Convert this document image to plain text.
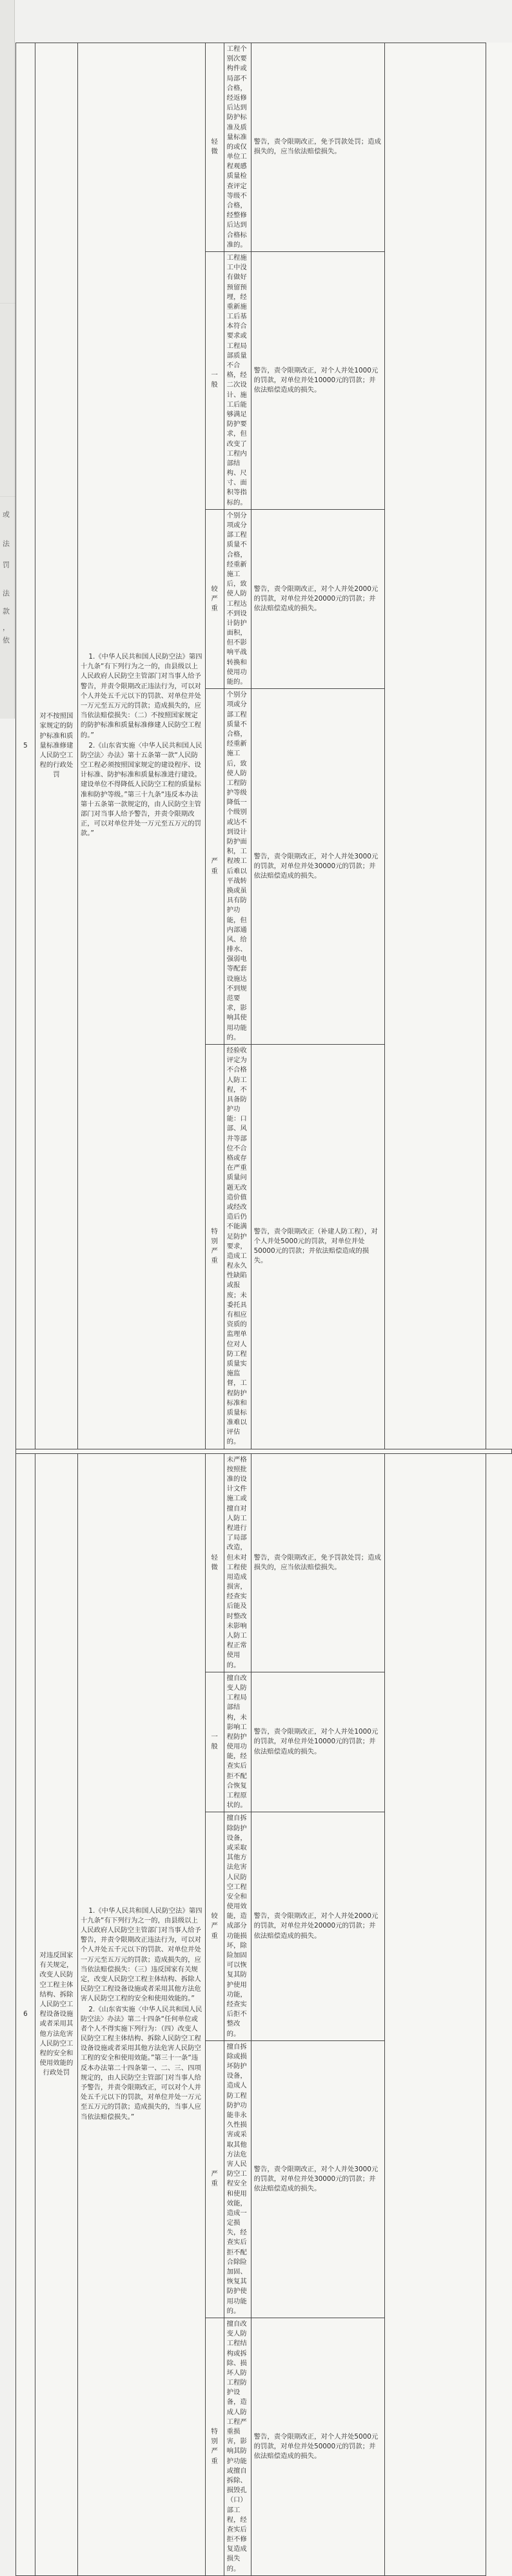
或
法
罚
法
款
，
依
5	对不按照国家规定的防护标准和质量标准修建人民防空工程的行政处罚	1.《中华人民共和国人民防空法》第四十九条“有下列行为之一的，由县级以上人民政府人民防空主管部门对当事人给予警告，并责令限期改正违法行为，可以对个人并处五千元以下的罚款、对单位并处一万元至五万元的罚款；造成损失的，应当依法赔偿损失：（二）不按照国家规定的防护标准和质量标准修建人民防空工程的。”

2.《山东省实施〈中华人民共和国人民防空法〉办法》第十五条第一款“人民防空工程必须按照国家规定的建设程序、设计标准、防护标准和质量标准进行建设。建设单位不得降低人民防空工程的质量标准和防护等级。”第三十九条“违反本办法第十五条第一款规定的，由人民防空主管部门对当事人给予警告，并责令限期改正，可以对单位并处一万元至五万元的罚款。”	轻微	工程个别次要构件或局部不合格，经返修后达到防护标准及质量标准的或仅单位工程观感质量检查评定等级不合格，经整修后达到合格标准的。	警告，责令限期改正，免予罚款处罚；造成损失的，应当依法赔偿损失。	
			一般	工程施工中没有做好预留预埋，经重新施工后基本符合要求或工程局部质量不合格，经二次设计、施工后能够满足防护要求，但改变了工程内部结构、尺寸、面积等指标的。	警告，责令限期改正，对个人并处1000元的罚款，对单位并处10000元的罚款；并依法赔偿造成的损失。	
			较严重	个别分项或分部工程质量不合格，经重新施工后，致使人防工程达不到设计防护面积，但不影响平战转换和使用功能的。	警告，责令限期改正，对个人并处2000元的罚款，对单位并处20000元的罚款；并依法赔偿造成的损失。	
			严重	个别分项或分部工程质量不合格，经重新施工后，致使人防工程防护等级降低一个级别或达不到设计防护面积，工程竣工后难以平战转换或虽具有防护功能，但内部通风、给排水、强弱电等配套设施达不到规范要求，影响其使用功能的。	警告，责令限期改正，对个人并处3000元的罚款，对单位并处30000元的罚款；并依法赔偿造成的损失。	
			特别严重	经验收评定为不合格人防工程，不具备防护功能：口部、风井等部位不合格或存在严重质量问题无改造价值或经改造后仍不能满足防护要求，造成工程永久性缺陷或报废；未委托具有相应资质的监理单位对人防工程质量实施监督，工程防护标准和质量标准难以评估的。	警告，责令限期改正（补建人防工程），对个人并处5000元的罚款，对单位并处50000元的罚款；并依法赔偿造成的损失。	

6	对违反国家有关规定，改变人民防空工程主体结构、拆除人民防空工程设备设施或者采用其他方法危害人民防空工程的安全和使用效能的行政处罚	1.《中华人民共和国人民防空法》第四十九条“有下列行为之一的，由县级以上人民政府人民防空主管部门对当事人给予警告，并责令限期改正违法行为，可以对个人并处五千元以下的罚款、对单位并处一万元至五万元的罚款；造成损失的，应当依法赔偿损失：（三）违反国家有关规定，改变人民防空工程主体结构、拆除人民防空工程设备设施或者采用其他方法危害人民防空工程的安全和使用效能的。”

2.《山东省实施〈中华人民共和国人民防空法〉办法》第二十四条“任何单位或者个人不得实施下列行为：（四）改变人民防空工程主体结构、拆除人民防空工程设备设施或者采用其他方法危害人民防空工程的安全和使用效能。”第三十一条“违反本办法第二十四条第一、二、三、四项规定的，由人民防空主管部门对当事人给予警告，并责令限期改正，可以对个人并处五千元以下的罚款，对单位并处一万元至五万元的罚款；造成损失的，当事人应当依法赔偿损失。”	轻微	未严格按照批准的设计文件施工或擅自对人防工程进行了局部改造，但未对工程使用造成损害，经查实后能及时整改未影响人防工程正常使用的。	警告，责令限期改正，免予罚款处罚；造成损失的，应当依法赔偿损失。	
			一般	擅自改变人防工程局部结构，未影响工程防护使用功能，经查实后拒不配合恢复工程原状的。	警告，责令限期改正，对个人并处1000元的罚款，对单位并处10000元的罚款；并依法赔偿造成的损失。	
			较严重	擅自拆除防护设备，或采取其他方法危害人民防空工程安全和使用效能，造成部分功能损坏，除险加固可以恢复其防护使用功能，经查实后拒不整改的。	警告，责令限期改正，对个人并处2000元的罚款，对单位并处20000元的罚款；并依法赔偿造成的损失。	
			严重	擅自拆除或损坏防护设备，造成人防工程防护功能非永久性损害或采取其他方法危害人民防空工程安全和使用效能，造成一定损失，经查实后拒不配合除险加固、恢复其防护使用功能的。	警告，责令限期改正，对个人并处3000元的罚款，对单位并处30000元的罚款；并依法赔偿造成的损失。	
			特别严重	擅自改变人防工程结构或拆除、损坏人防工程防护设备，造成人防工程严重损害，影响其防护功能或擅自拆除、损毁孔（口）部工程，经查实后拒不修复造成损失的。	警告，责令限期改正，对个人并处5000元的罚款，对单位并处50000元的罚款；并依法赔偿造成的损失。	
